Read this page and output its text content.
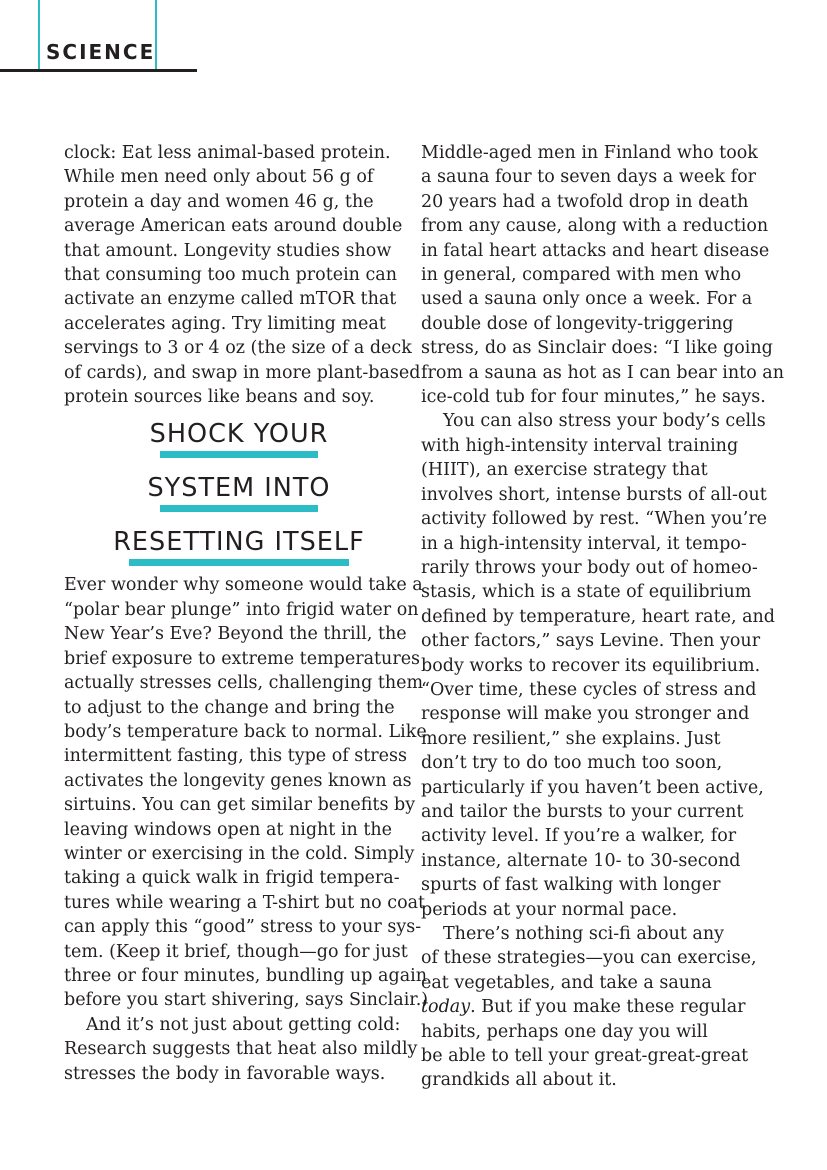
SCIENCE
clock: Eat less animal-based protein.
While men need only about 56 g of
protein a day and women 46 g, the
average American eats around double
that amount. Longevity studies show
that consuming too much protein can
activate an enzyme called mTOR that
accelerates aging. Try limiting meat
servings to 3 or 4 oz (the size of a deck
of cards), and swap in more plant-based
protein sources like beans and soy.
SHOCK YOUR
SYSTEM INTO
RESETTING ITSELF
Ever wonder why someone would take a
“polar bear plunge” into frigid water on
New Year’s Eve? Beyond the thrill, the
brief exposure to extreme temperatures
actually stresses cells, challenging them
to adjust to the change and bring the
body’s temperature back to normal. Like
intermittent fasting, this type of stress
activates the longevity genes known as
sirtuins. You can get similar benefits by
leaving windows open at night in the
winter or exercising in the cold. Simply
taking a quick walk in frigid tempera-
tures while wearing a T-shirt but no coat
can apply this “good” stress to your sys-
tem. (Keep it brief, though—go for just
three or four minutes, bundling up again
before you start shivering, says Sinclair.)
And it’s not just about getting cold:
Research suggests that heat also mildly
stresses the body in favorable ways.
Middle-aged men in Finland who took
a sauna four to seven days a week for
20 years had a twofold drop in death
from any cause, along with a reduction
in fatal heart attacks and heart disease
in general, compared with men who
used a sauna only once a week. For a
double dose of longevity-triggering
stress, do as Sinclair does: “I like going
from a sauna as hot as I can bear into an
ice-cold tub for four minutes,” he says.
You can also stress your body’s cells
with high-intensity interval training
(HIIT), an exercise strategy that
involves short, intense bursts of all-out
activity followed by rest. “When you’re
in a high-intensity interval, it tempo-
rarily throws your body out of homeo-
stasis, which is a state of equilibrium
defined by temperature, heart rate, and
other factors,” says Levine. Then your
body works to recover its equilibrium.
“Over time, these cycles of stress and
response will make you stronger and
more resilient,” she explains. Just
don’t try to do too much too soon,
particularly if you haven’t been active,
and tailor the bursts to your current
activity level. If you’re a walker, for
instance, alternate 10- to 30-second
spurts of fast walking with longer
periods at your normal pace.
There’s nothing sci-fi about any
of these strategies—you can exercise,
eat vegetables, and take a sauna
today. But if you make these regular
habits, perhaps one day you will
be able to tell your great-great-great
grandkids all about it.
